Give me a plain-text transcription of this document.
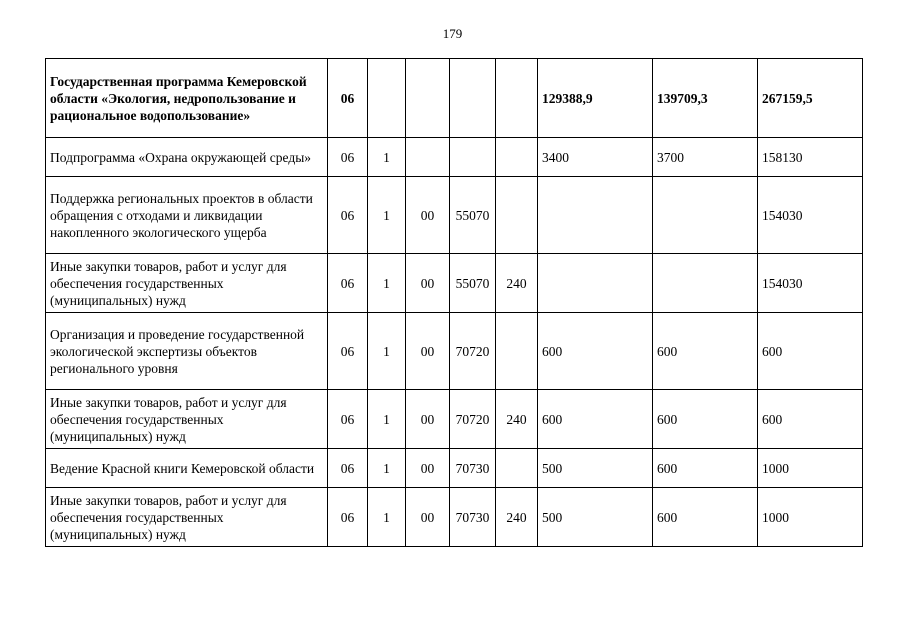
179
Государственная программа Кемеровской области «Экология, недропользование и рациональное водопользование»	06					129388,9	139709,3	267159,5
Подпрограмма «Охрана окружающей среды»	06	1				3400	3700	158130
Поддержка региональных проектов в области обращения с отходами и ликвидации накопленного экологического ущерба	06	1	00	55070				154030
Иные закупки товаров, работ и услуг для обеспечения государственных (муниципальных) нужд	06	1	00	55070	240			154030
Организация и проведение государственной экологической экспертизы объектов регионального уровня	06	1	00	70720		600	600	600
Иные закупки товаров, работ и услуг для обеспечения государственных (муниципальных) нужд	06	1	00	70720	240	600	600	600
Ведение Красной книги Кемеровской области	06	1	00	70730		500	600	1000
Иные закупки товаров, работ и услуг для обеспечения государственных (муниципальных) нужд	06	1	00	70730	240	500	600	1000
